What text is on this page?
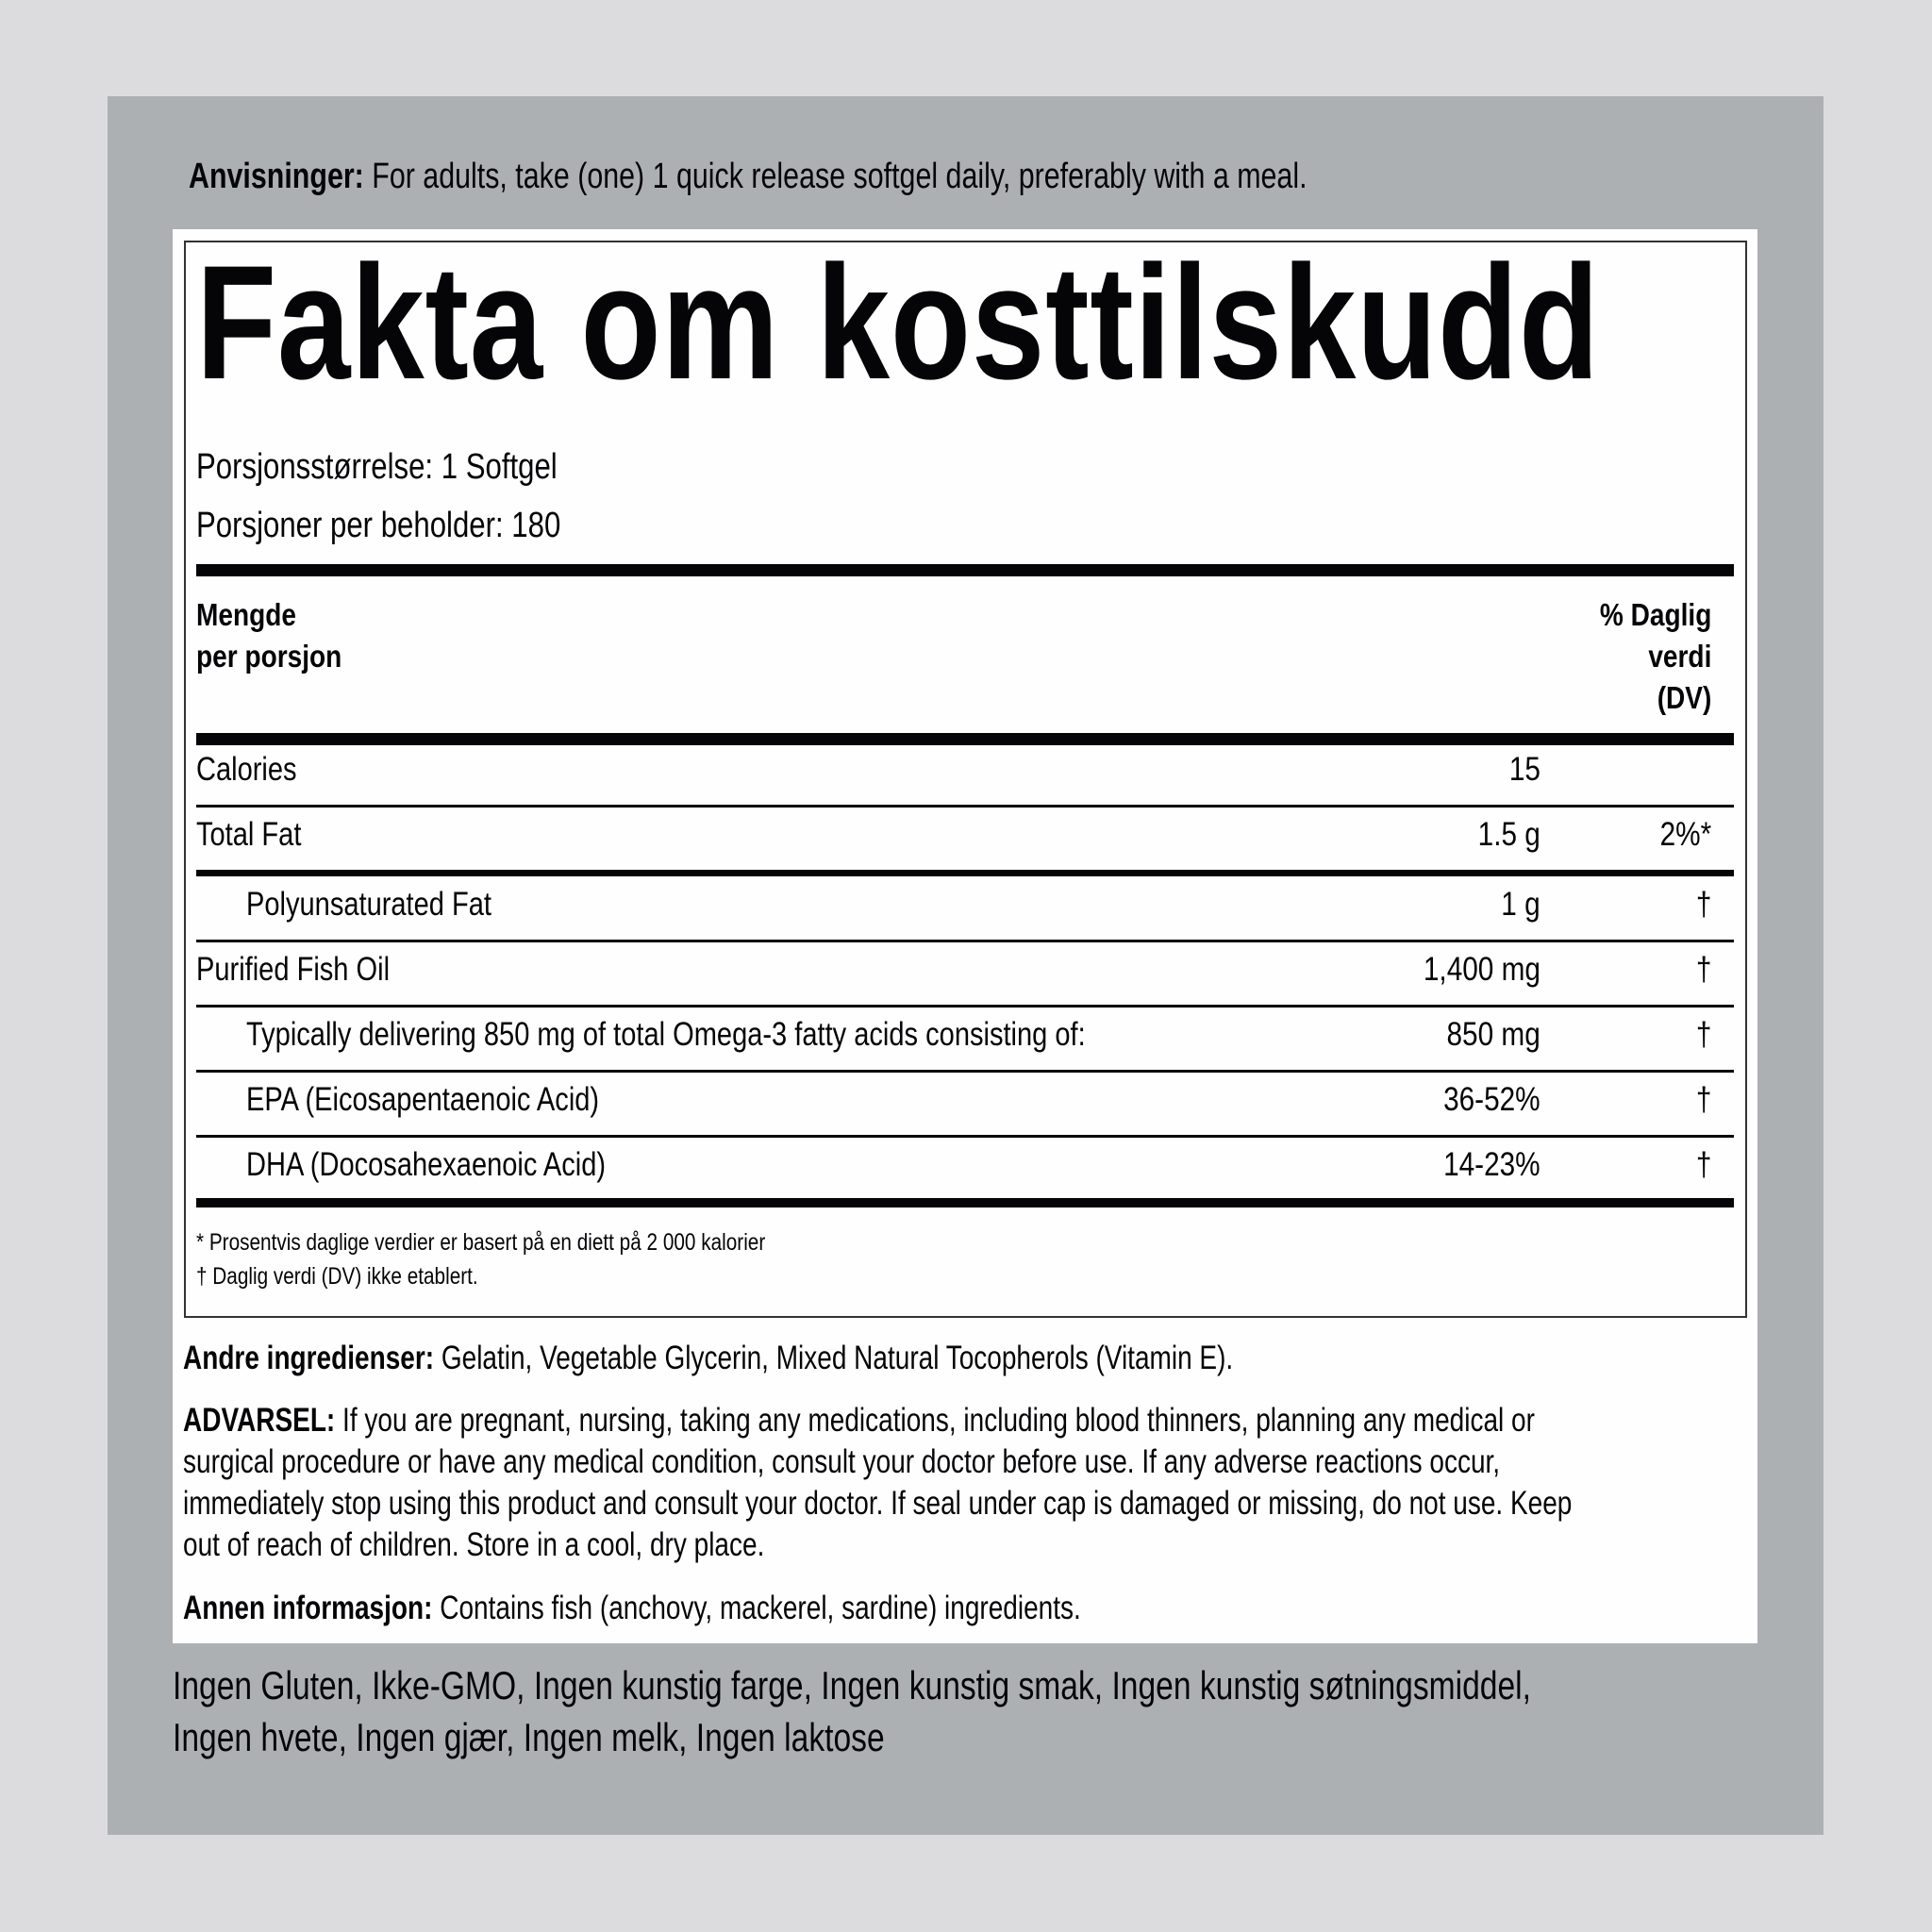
Anvisninger: For adults, take (one) 1 quick release softgel daily, preferably with a meal.
Fakta om kosttilskudd
Porsjonsstørrelse: 1 Softgel
Porsjoner per beholder: 180
Mengde
per porsjon
% Daglig
verdi
(DV)
Calories	15
Total Fat	1.5 g	2%*
Polyunsaturated Fat	1 g	†
Purified Fish Oil	1,400 mg	†
Typically delivering 850 mg of total Omega-3 fatty acids consisting of:	850 mg	†
EPA (Eicosapentaenoic Acid)	36-52%	†
DHA (Docosahexaenoic Acid)	14-23%	†
* Prosentvis daglige verdier er basert på en diett på 2 000 kalorier
† Daglig verdi (DV) ikke etablert.
Andre ingredienser: Gelatin, Vegetable Glycerin, Mixed Natural Tocopherols (Vitamin E).
ADVARSEL: If you are pregnant, nursing, taking any medications, including blood thinners, planning any medical or
surgical procedure or have any medical condition, consult your doctor before use. If any adverse reactions occur,
immediately stop using this product and consult your doctor. If seal under cap is damaged or missing, do not use. Keep
out of reach of children. Store in a cool, dry place.
Annen informasjon: Contains fish (anchovy, mackerel, sardine) ingredients.
Ingen Gluten, Ikke-GMO, Ingen kunstig farge, Ingen kunstig smak, Ingen kunstig søtningsmiddel,
Ingen hvete, Ingen gjær, Ingen melk, Ingen laktose
